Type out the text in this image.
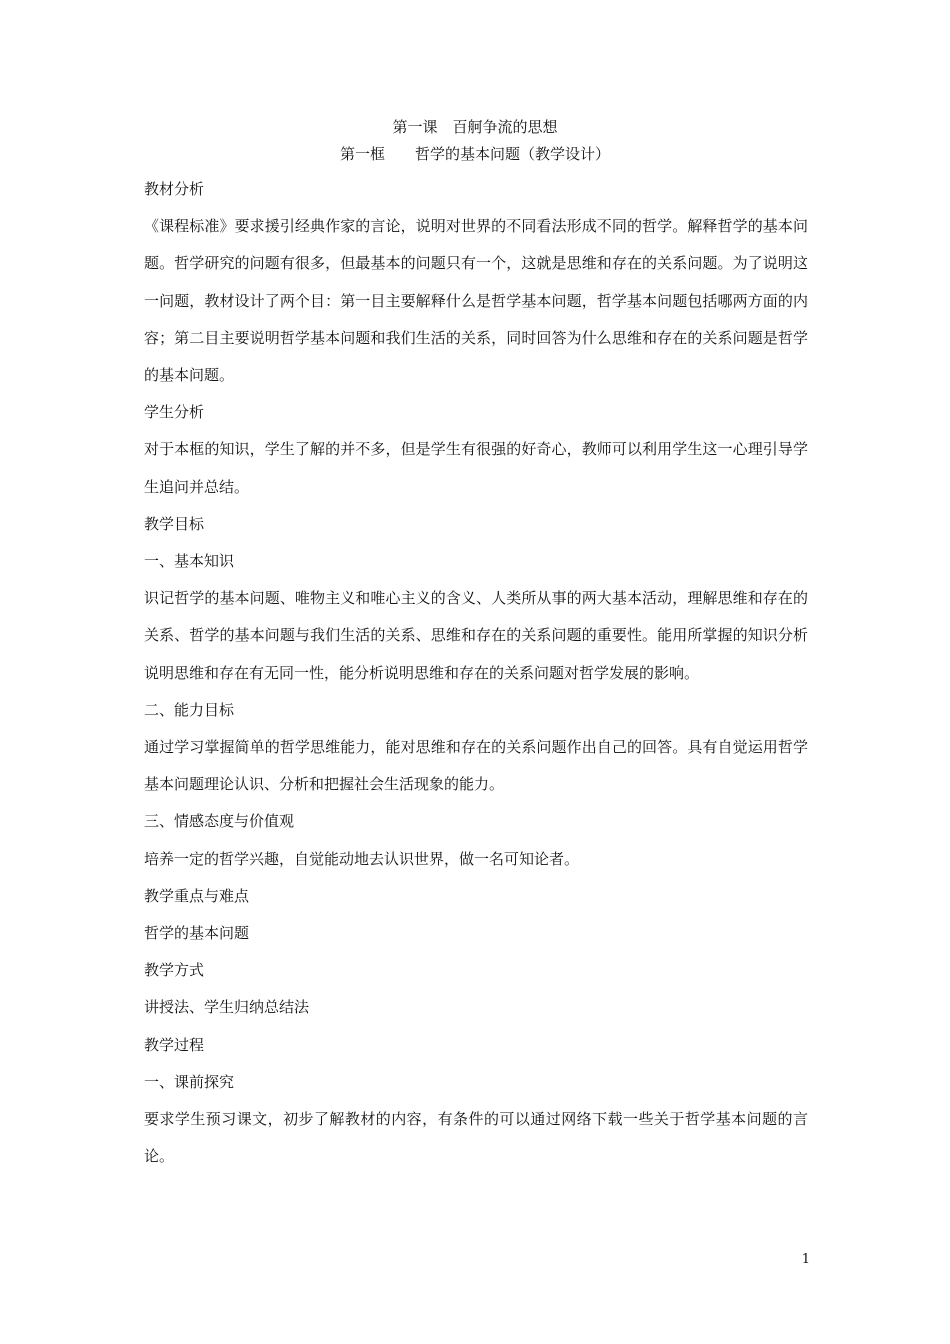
第一课　百舸争流的思想
第一框　　哲学的基本问题（教学设计）

教材分析

《课程标准》要求援引经典作家的言论，说明对世界的不同看法形成不同的哲学。解释哲学的基本问题。哲学研究的问题有很多，但最基本的问题只有一个，这就是思维和存在的关系问题。为了说明这一问题，教材设计了两个目：第一目主要解释什么是哲学基本问题，哲学基本问题包括哪两方面的内容；第二目主要说明哲学基本问题和我们生活的关系，同时回答为什么思维和存在的关系问题是哲学的基本问题。

学生分析

对于本框的知识，学生了解的并不多，但是学生有很强的好奇心，教师可以利用学生这一心理引导学生追问并总结。

教学目标

一、基本知识

识记哲学的基本问题、唯物主义和唯心主义的含义、人类所从事的两大基本活动，理解思维和存在的关系、哲学的基本问题与我们生活的关系、思维和存在的关系问题的重要性。能用所掌握的知识分析说明思维和存在有无同一性，能分析说明思维和存在的关系问题对哲学发展的影响。

二、能力目标

通过学习掌握简单的哲学思维能力，能对思维和存在的关系问题作出自己的回答。具有自觉运用哲学基本问题理论认识、分析和把握社会生活现象的能力。

三、情感态度与价值观

培养一定的哲学兴趣，自觉能动地去认识世界，做一名可知论者。

教学重点与难点

哲学的基本问题

教学方式

讲授法、学生归纳总结法

教学过程

一、课前探究

要求学生预习课文，初步了解教材的内容，有条件的可以通过网络下载一些关于哲学基本问题的言论。

1
